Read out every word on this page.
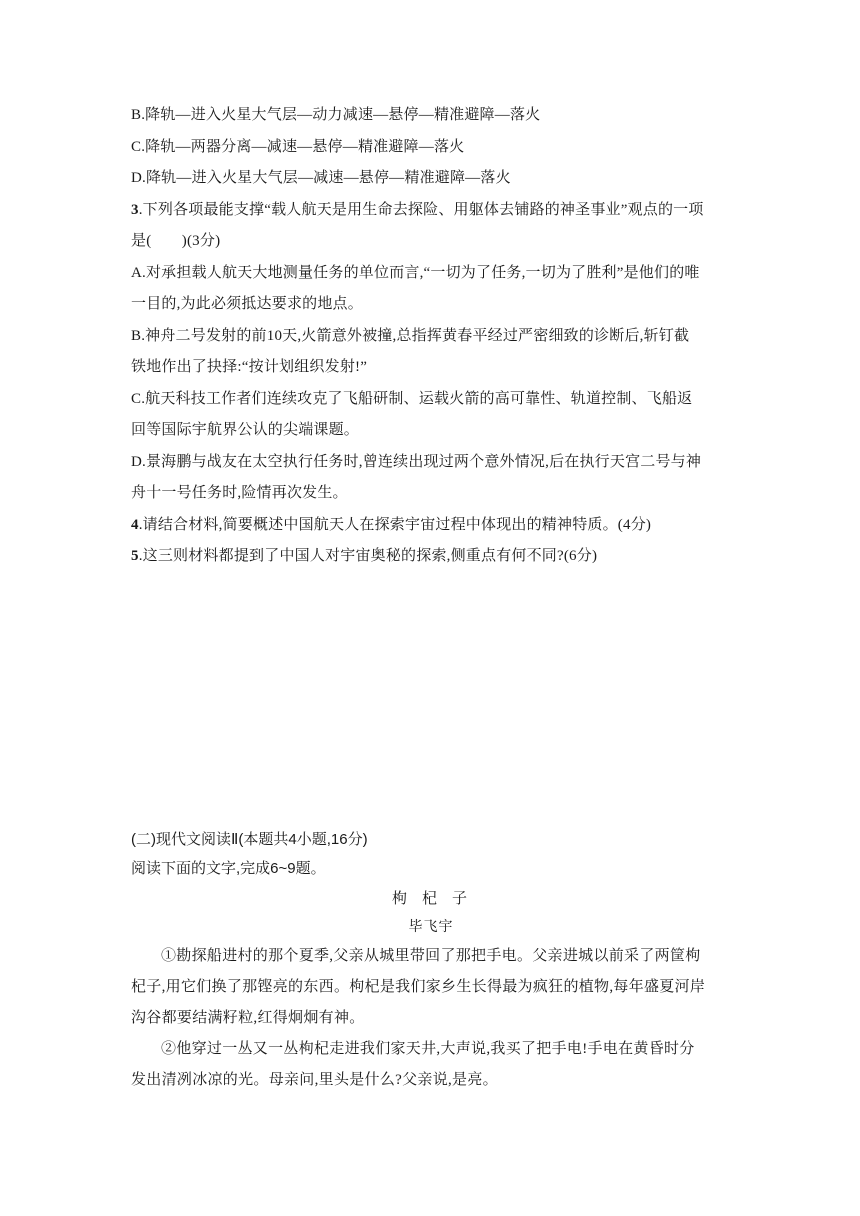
B.降轨—进入火星大气层—动力减速—悬停—精准避障—落火
C.降轨—两器分离—减速—悬停—精准避障—落火
D.降轨—进入火星大气层—减速—悬停—精准避障—落火
3.下列各项最能支撑“载人航天是用生命去探险、用躯体去铺路的神圣事业”观点的一项
是(　　)(3分)
A.对承担载人航天大地测量任务的单位而言,“一切为了任务,一切为了胜利”是他们的唯
一目的,为此必须抵达要求的地点。
B.神舟二号发射的前10天,火箭意外被撞,总指挥黄春平经过严密细致的诊断后,斩钉截
铁地作出了抉择:“按计划组织发射!”
C.航天科技工作者们连续攻克了飞船研制、运载火箭的高可靠性、轨道控制、飞船返
回等国际宇航界公认的尖端课题。
D.景海鹏与战友在太空执行任务时,曾连续出现过两个意外情况,后在执行天宫二号与神
舟十一号任务时,险情再次发生。
4.请结合材料,简要概述中国航天人在探索宇宙过程中体现出的精神特质。(4分)
5.这三则材料都提到了中国人对宇宙奥秘的探索,侧重点有何不同?(6分)
(二)现代文阅读Ⅱ(本题共4小题,16分)
阅读下面的文字,完成6~9题。
枸杞子
毕飞宇
①勘探船进村的那个夏季,父亲从城里带回了那把手电。父亲进城以前采了两筐枸
杞子,用它们换了那铿亮的东西。枸杞是我们家乡生长得最为疯狂的植物,每年盛夏河岸
沟谷都要结满籽粒,红得炯炯有神。
②他穿过一丛又一丛枸杞走进我们家天井,大声说,我买了把手电!手电在黄昏时分
发出清冽冰凉的光。母亲问,里头是什么?父亲说,是亮。
